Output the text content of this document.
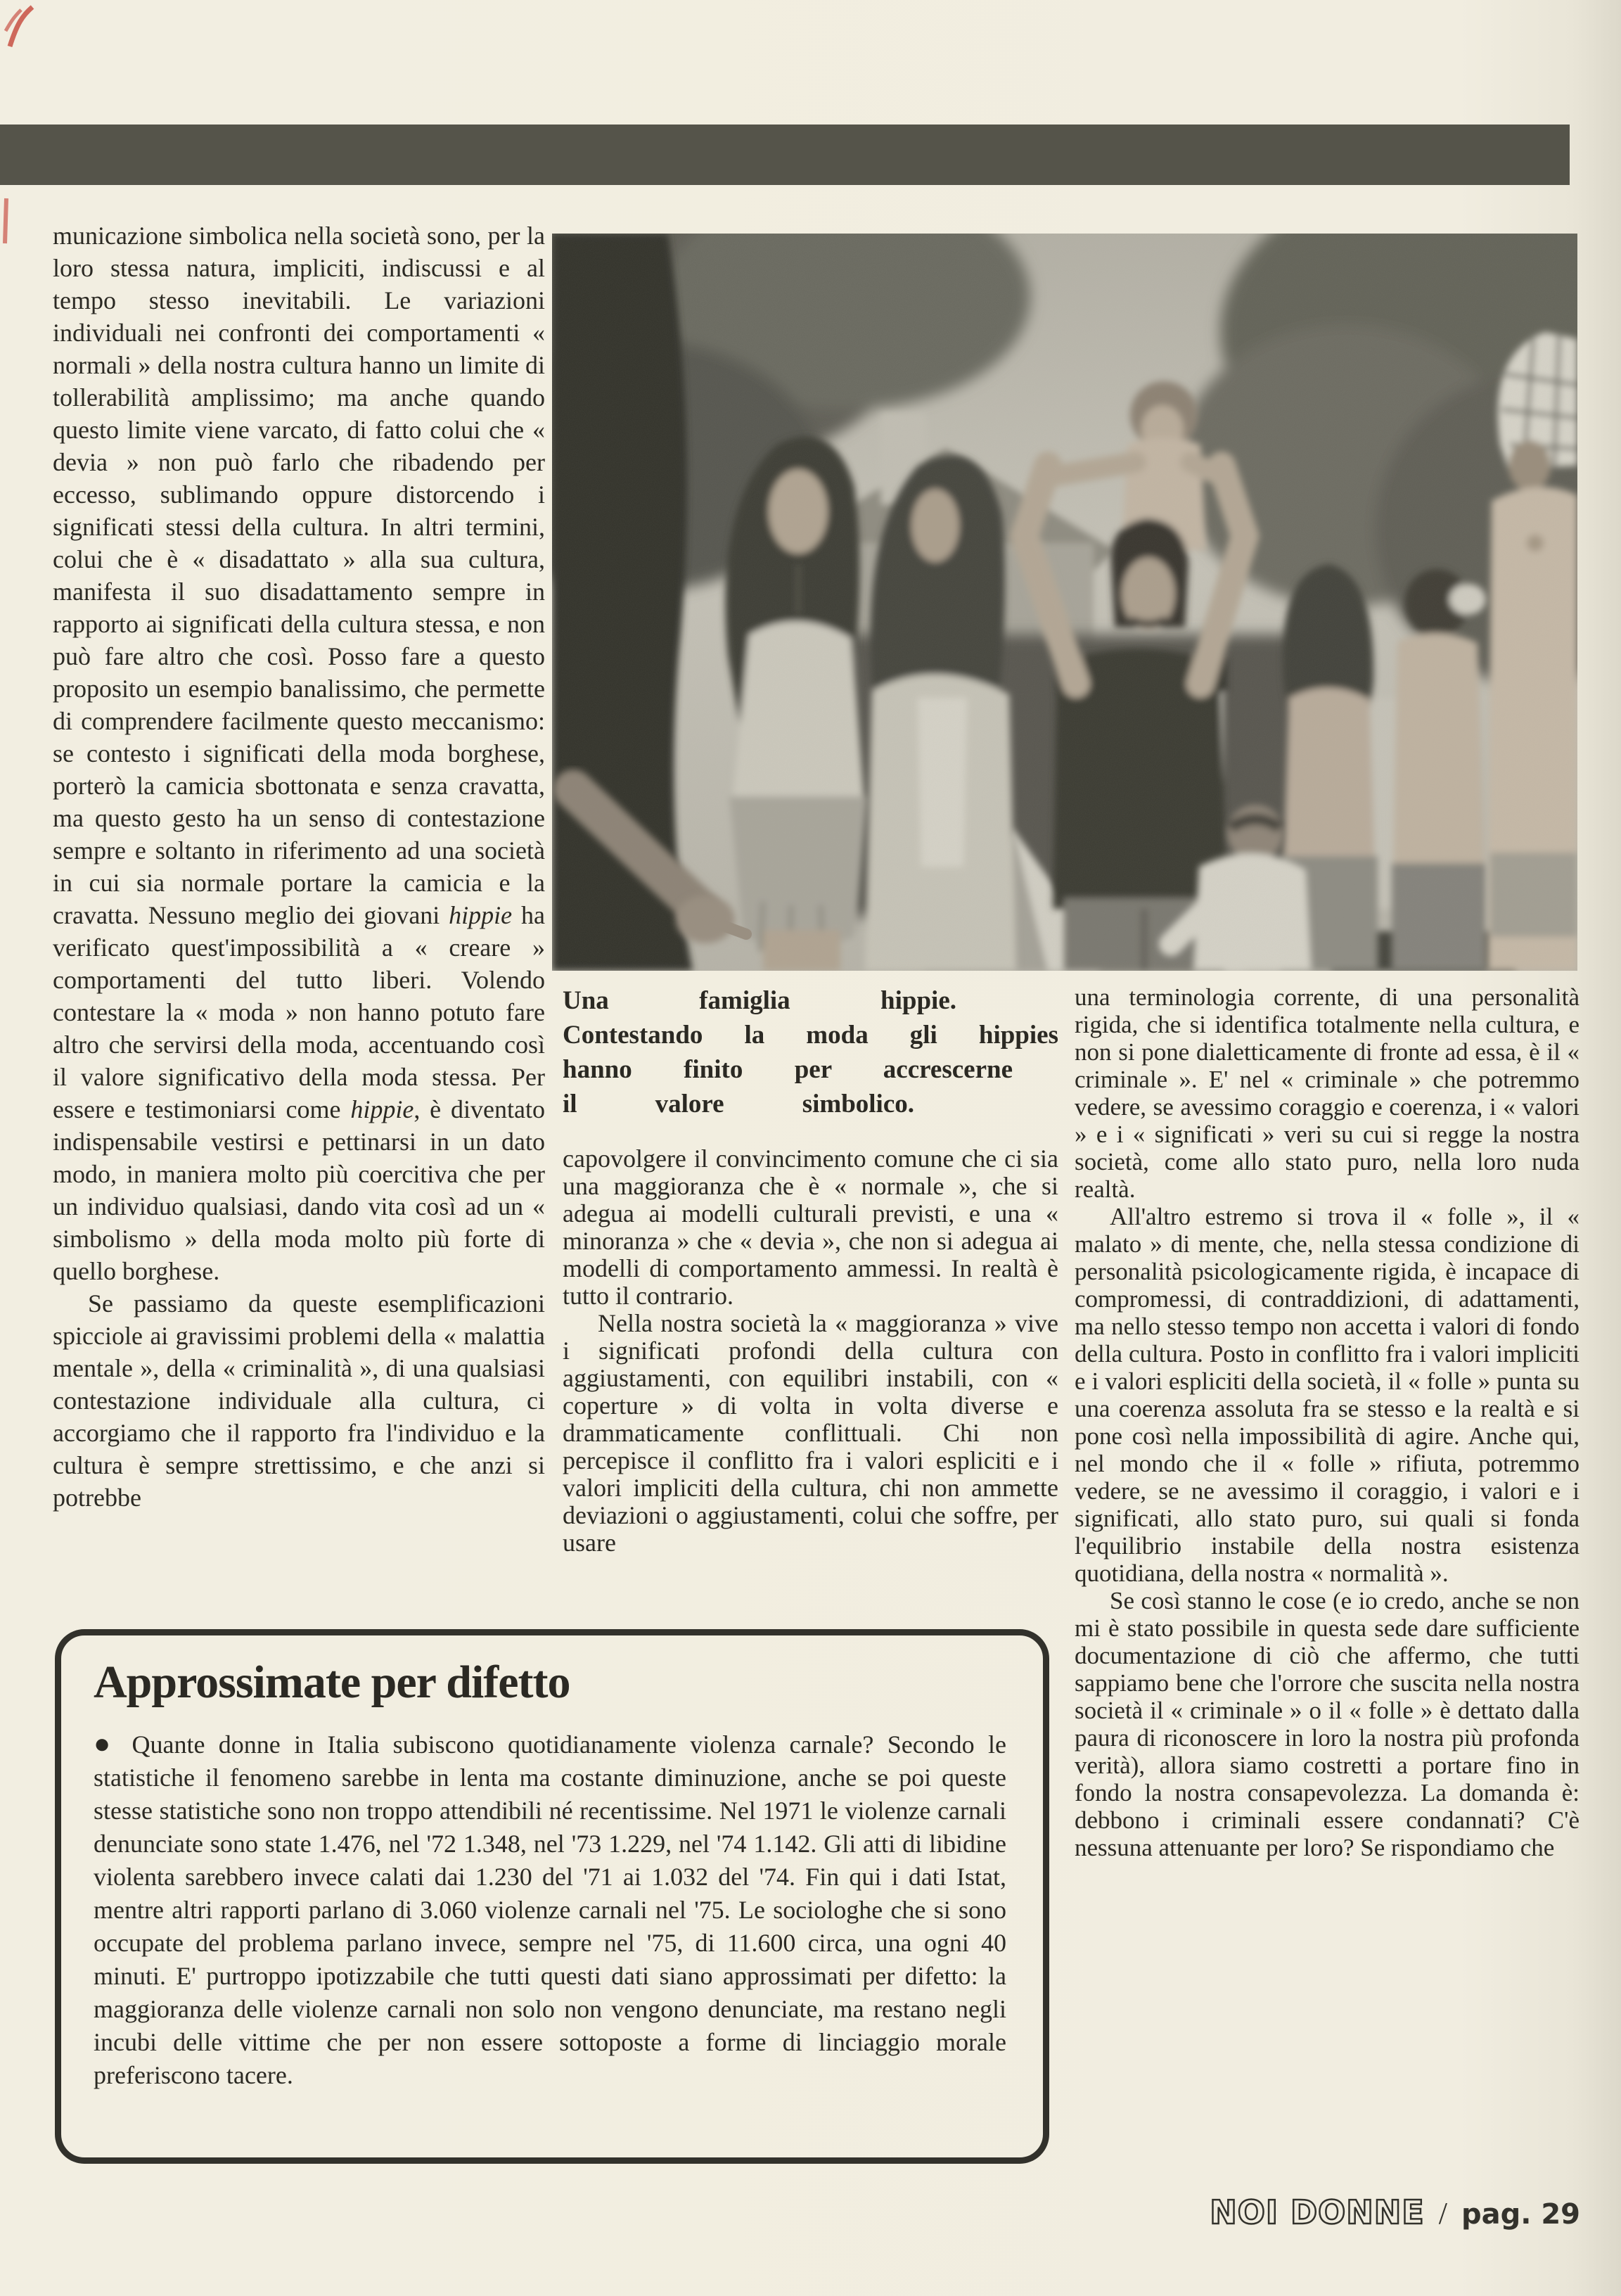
municazione simbolica nella società sono, per la loro stessa natura, impliciti, indiscussi e al tempo stesso inevitabili. Le variazioni individuali nei confronti dei comportamenti « normali » della nostra cultura hanno un limite di tollerabilità amplissimo; ma anche quando questo limite viene varcato, di fatto colui che « devia » non può farlo che ribadendo per eccesso, sublimando oppure distorcendo i significati stessi della cultura. In altri termini, colui che è « disadattato » alla sua cultura, manifesta il suo disadattamento sempre in rapporto ai significati della cultura stessa, e non può fare altro che così. Posso fare a questo proposito un esempio banalissimo, che permette di comprendere facilmente questo meccanismo: se contesto i significati della moda borghese, porterò la camicia sbottonata e senza cravatta, ma questo gesto ha un senso di contestazione sempre e soltanto in riferimento ad una società in cui sia normale portare la camicia e la cravatta. Nessuno meglio dei giovani hippie ha verificato quest'impossibilità a « creare » comportamenti del tutto liberi. Volendo contestare la « moda » non hanno potuto fare altro che servirsi della moda, accentuando così il valore significativo della moda stessa. Per essere e testimoniarsi come hippie, è diventato indispensabile vestirsi e pettinarsi in un dato modo, in maniera molto più coercitiva che per un individuo qualsiasi, dando vita così ad un « simbolismo » della moda molto più forte di quello borghese.

Se passiamo da queste esemplificazioni spicciole ai gravissimi problemi della « malattia mentale », della « criminalità », di una qualsiasi contestazione individuale alla cultura, ci accorgiamo che il rapporto fra l'individuo e la cultura è sempre strettissimo, e che anzi si potrebbe

Una famiglia hippie.
Contestando la moda gli hippies
hanno finito per accrescerne
il valore simbolico.

capovolgere il convincimento comune che ci sia una maggioranza che è « normale », che si adegua ai modelli culturali previsti, e una « minoranza » che « devia », che non si adegua ai modelli di comportamento ammessi. In realtà è tutto il contrario.

Nella nostra società la « maggioranza » vive i significati profondi della cultura con aggiustamenti, con equilibri instabili, con « coperture » di volta in volta diverse e drammaticamente conflittuali. Chi non percepisce il conflitto fra i valori espliciti e i valori impliciti della cultura, chi non ammette deviazioni o aggiustamenti, colui che soffre, per usare

una terminologia corrente, di una personalità rigida, che si identifica totalmente nella cultura, e non si pone dialetticamente di fronte ad essa, è il « criminale ». E' nel « criminale » che potremmo vedere, se avessimo coraggio e coerenza, i « valori » e i « significati » veri su cui si regge la nostra società, come allo stato puro, nella loro nuda realtà.

All'altro estremo si trova il « folle », il « malato » di mente, che, nella stessa condizione di personalità psicologicamente rigida, è incapace di compromessi, di contraddizioni, di adattamenti, ma nello stesso tempo non accetta i valori di fondo della cultura. Posto in conflitto fra i valori impliciti e i valori espliciti della società, il « folle » punta su una coerenza assoluta fra se stesso e la realtà e si pone così nella impossibilità di agire. Anche qui, nel mondo che il « folle » rifiuta, potremmo vedere, se ne avessimo il coraggio, i valori e i significati, allo stato puro, sui quali si fonda l'equilibrio instabile della nostra esistenza quotidiana, della nostra « normalità ».

Se così stanno le cose (e io credo, anche se non mi è stato possibile in questa sede dare sufficiente documentazione di ciò che affermo, che tutti sappiamo bene che l'orrore che suscita nella nostra società il « criminale » o il « folle » è dettato dalla paura di riconoscere in loro la nostra più profonda verità), allora siamo costretti a portare fino in fondo la nostra consapevolezza. La domanda è: debbono i criminali essere condannati? C'è nessuna attenuante per loro? Se rispondiamo che

Approssimate per difetto

● Quante donne in Italia subiscono quotidianamente violenza carnale? Secondo le statistiche il fenomeno sarebbe in lenta ma costante diminuzione, anche se poi queste stesse statistiche sono non troppo attendibili né recentissime. Nel 1971 le violenze carnali denunciate sono state 1.476, nel '72 1.348, nel '73 1.229, nel '74 1.142. Gli atti di libidine violenta sarebbero invece calati dai 1.230 del '71 ai 1.032 del '74. Fin qui i dati Istat, mentre altri rapporti parlano di 3.060 violenze carnali nel '75. Le sociologhe che si sono occupate del problema parlano invece, sempre nel '75, di 11.600 circa, una ogni 40 minuti. E' purtroppo ipotizzabile che tutti questi dati siano approssimati per difetto: la maggioranza delle violenze carnali non solo non vengono denunciate, ma restano negli incubi delle vittime che per non essere sottoposte a forme di linciaggio morale preferiscono tacere.

NOI DONNE / pag. 29
